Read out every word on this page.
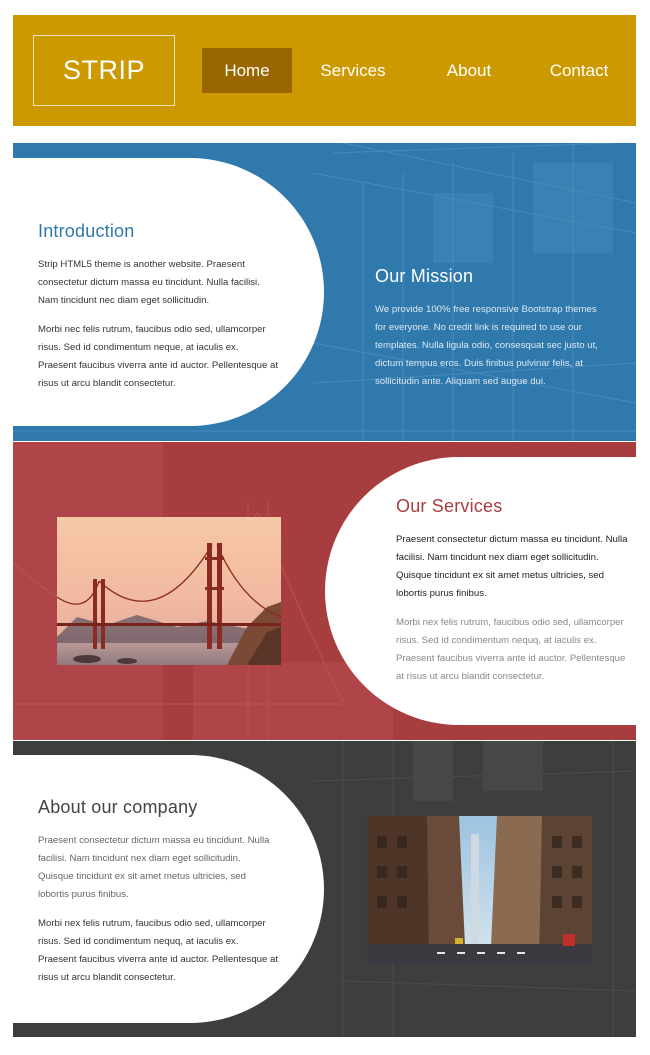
STRIP	Home	Services	About	Contact
Introduction

Strip HTML5 theme is another website. Praesent consectetur dictum massa eu tincidunt. Nulla facilisi. Nam tincidunt nec diam eget sollicitudin.

Morbi nec felis rutrum, faucibus odio sed, ullamcorper risus. Sed id condimentum neque, at iaculis ex. Praesent faucibus viverra ante id auctor. Pellentesque at risus ut arcu blandit consectetur.

Our Mission

We provide 100% free responsive Bootstrap themes for everyone. No credit link is required to use our templates. Nulla ligula odio, consesquat sec justo ut, dictum tempus eros. Duis finibus pulvinar felis, at sollicitudin ante. Aliquam sed augue dui.

Our Services

Praesent consectetur dictum massa eu tincidunt. Nulla facilisi. Nam tincidunt nex diam eget sollicitudin. Quisque tincidunt ex sit amet metus ultricies, sed lobortis purus finibus.

Morbi nex felis rutrum, faucibus odio sed, ullamcorper risus. Sed id condimentum nequq, at iaculis ex. Praesent faucibus viverra ante id auctor. Pellentesque at risus ut arcu blandit consectetur.

About our company

Praesent consectetur dictum massa eu tincidunt. Nulla facilisi. Nam tincidunt nex diam eget sollicitudin. Quisque tincidunt ex sit amet metus ultricies, sed lobortis purus finibus.

Morbi nex felis rutrum, faucibus odio sed, ullamcorper risus. Sed id condimentum nequq, at iaculis ex. Praesent faucibus viverra ante id auctor. Pellentesque at risus ut arcu blandit consectetur.
